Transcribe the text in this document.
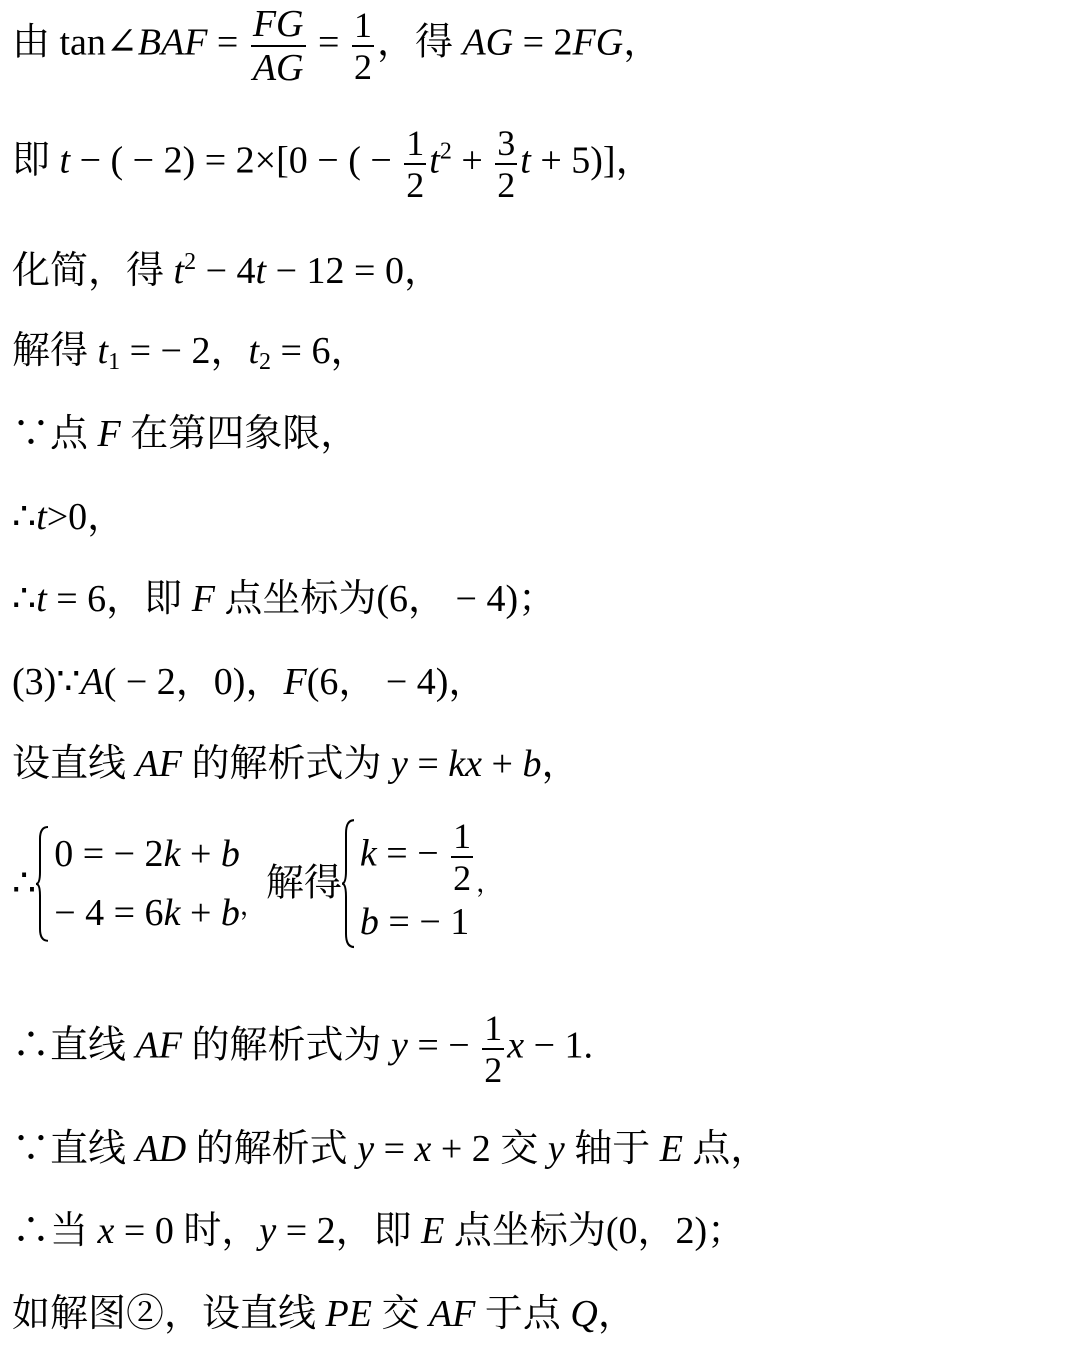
由 tan∠BAF = $\frac{FG}{AG} = \frac{1}{2}$ ，得 AG = 2FG，
即 t − ( − 2) = 2×[0 − ( − $\frac{1}{2} t^2 + \frac{3}{2}$ t + 5)]，
化简，得 $t^2 - 4t - 12 = 0$，
解得 $t_1$ = − 2，$t_2 = 6$，
∵点 F 在第四象限，
∴t>0，
∴t = 6，即 F 点坐标为(6， − 4)；
(3)∵A( − 2，0)，F(6， − 4)，
设直线 AF 的解析式为 y = kx + b，
∴
0 = − 2k + b
− 4 = 6k + b $_,$解得
k = − $\frac{1}{2}$
b = − 1
，
∴直线 AF 的解析式为 y = − $\frac{1}{2}$ x − 1.
∵直线 AD 的解析式 y = x + 2 交 y 轴于 E 点，
∴当 x = 0 时，y = 2，即 E 点坐标为(0，2)；
如解图②，设直线 PE 交 AF 于点 Q，
